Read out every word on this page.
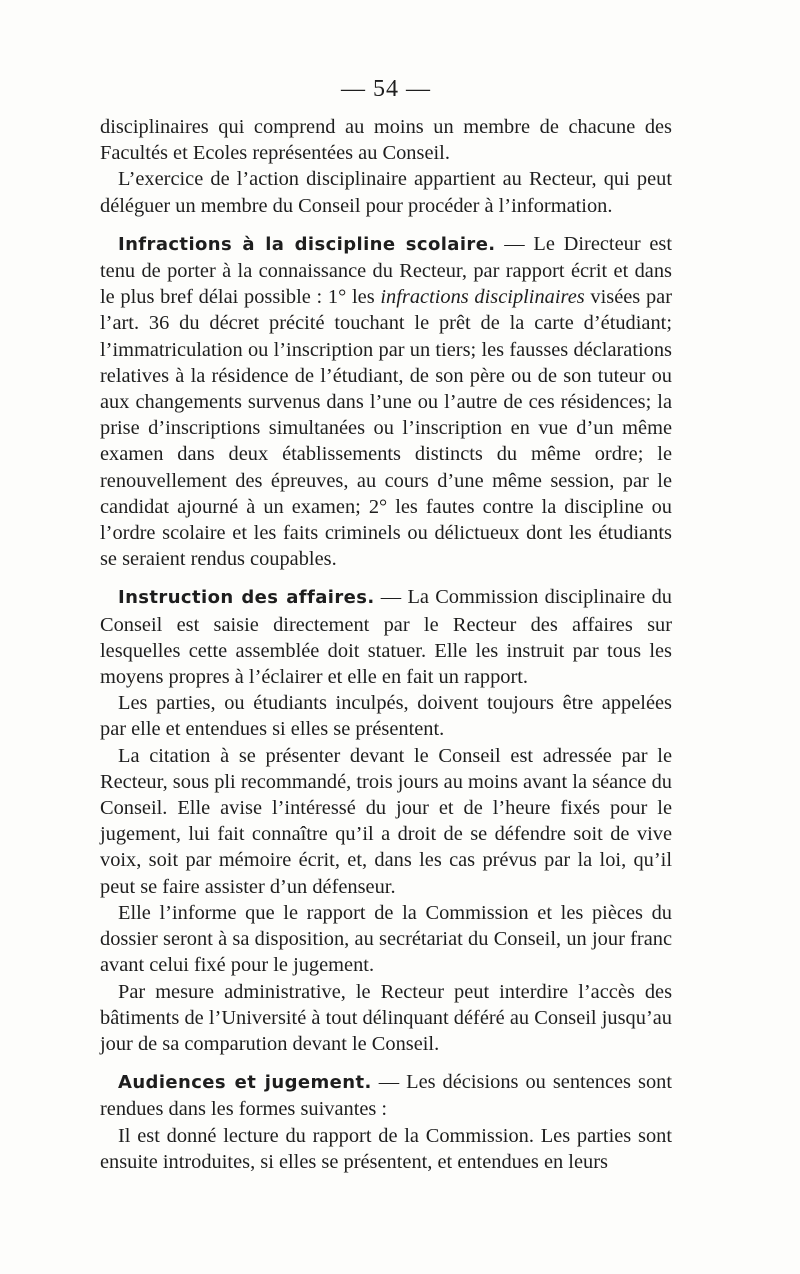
— 54 —

disciplinaires qui comprend au moins un membre de chacune des Facultés et Ecoles représentées au Conseil.

L’exercice de l’action disciplinaire appartient au Recteur, qui peut déléguer un membre du Conseil pour procéder à l’information.

Infractions à la discipline scolaire. — Le Directeur est tenu de porter à la connaissance du Recteur, par rapport écrit et dans le plus bref délai possible : 1° les infractions disciplinaires visées par l’art. 36 du décret précité touchant le prêt de la carte d’étudiant; l’immatriculation ou l’inscription par un tiers; les fausses déclarations relatives à la résidence de l’étudiant, de son père ou de son tuteur ou aux changements survenus dans l’une ou l’autre de ces résidences; la prise d’inscriptions simultanées ou l’inscription en vue d’un même examen dans deux établissements distincts du même ordre; le renouvellement des épreuves, au cours d’une même session, par le candidat ajourné à un examen; 2° les fautes contre la discipline ou l’ordre scolaire et les faits criminels ou délictueux dont les étudiants se seraient rendus coupables.

Instruction des affaires. — La Commission disciplinaire du Conseil est saisie directement par le Recteur des affaires sur lesquelles cette assemblée doit statuer. Elle les instruit par tous les moyens propres à l’éclairer et elle en fait un rapport.

Les parties, ou étudiants inculpés, doivent toujours être appelées par elle et entendues si elles se présentent.

La citation à se présenter devant le Conseil est adressée par le Recteur, sous pli recommandé, trois jours au moins avant la séance du Conseil. Elle avise l’intéressé du jour et de l’heure fixés pour le jugement, lui fait connaître qu’il a droit de se défendre soit de vive voix, soit par mémoire écrit, et, dans les cas prévus par la loi, qu’il peut se faire assister d’un défenseur.

Elle l’informe que le rapport de la Commission et les pièces du dossier seront à sa disposition, au secrétariat du Conseil, un jour franc avant celui fixé pour le jugement.

Par mesure administrative, le Recteur peut interdire l’accès des bâtiments de l’Université à tout délinquant déféré au Conseil jusqu’au jour de sa comparution devant le Conseil.

Audiences et jugement. — Les décisions ou sentences sont rendues dans les formes suivantes :

Il est donné lecture du rapport de la Commission. Les parties sont ensuite introduites, si elles se présentent, et entendues en leurs
